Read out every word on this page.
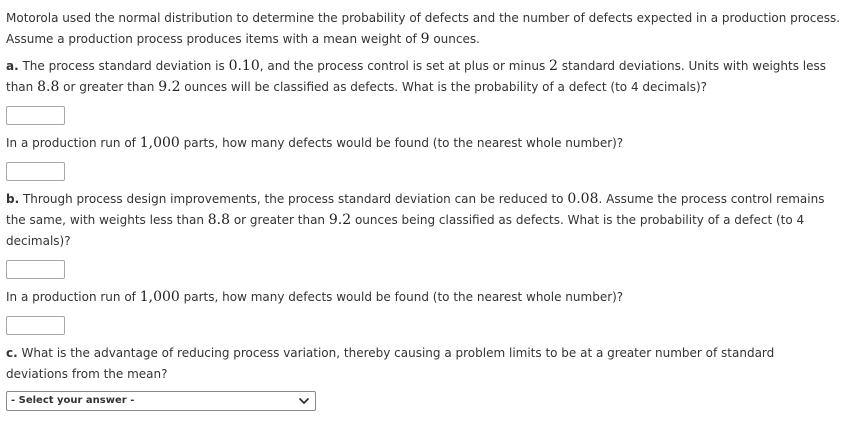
Motorola used the normal distribution to determine the probability of defects and the number of defects expected in a production process.
Assume a production process produces items with a mean weight of 9 ounces.
a. The process standard deviation is 0.10, and the process control is set at plus or minus 2 standard deviations. Units with weights less
than 8.8 or greater than 9.2 ounces will be classified as defects. What is the probability of a defect (to 4 decimals)?
In a production run of 1,000 parts, how many defects would be found (to the nearest whole number)?
b. Through process design improvements, the process standard deviation can be reduced to 0.08. Assume the process control remains
the same, with weights less than 8.8 or greater than 9.2 ounces being classified as defects. What is the probability of a defect (to 4
decimals)?
In a production run of 1,000 parts, how many defects would be found (to the nearest whole number)?
c. What is the advantage of reducing process variation, thereby causing a problem limits to be at a greater number of standard
deviations from the mean?
- Select your answer -
